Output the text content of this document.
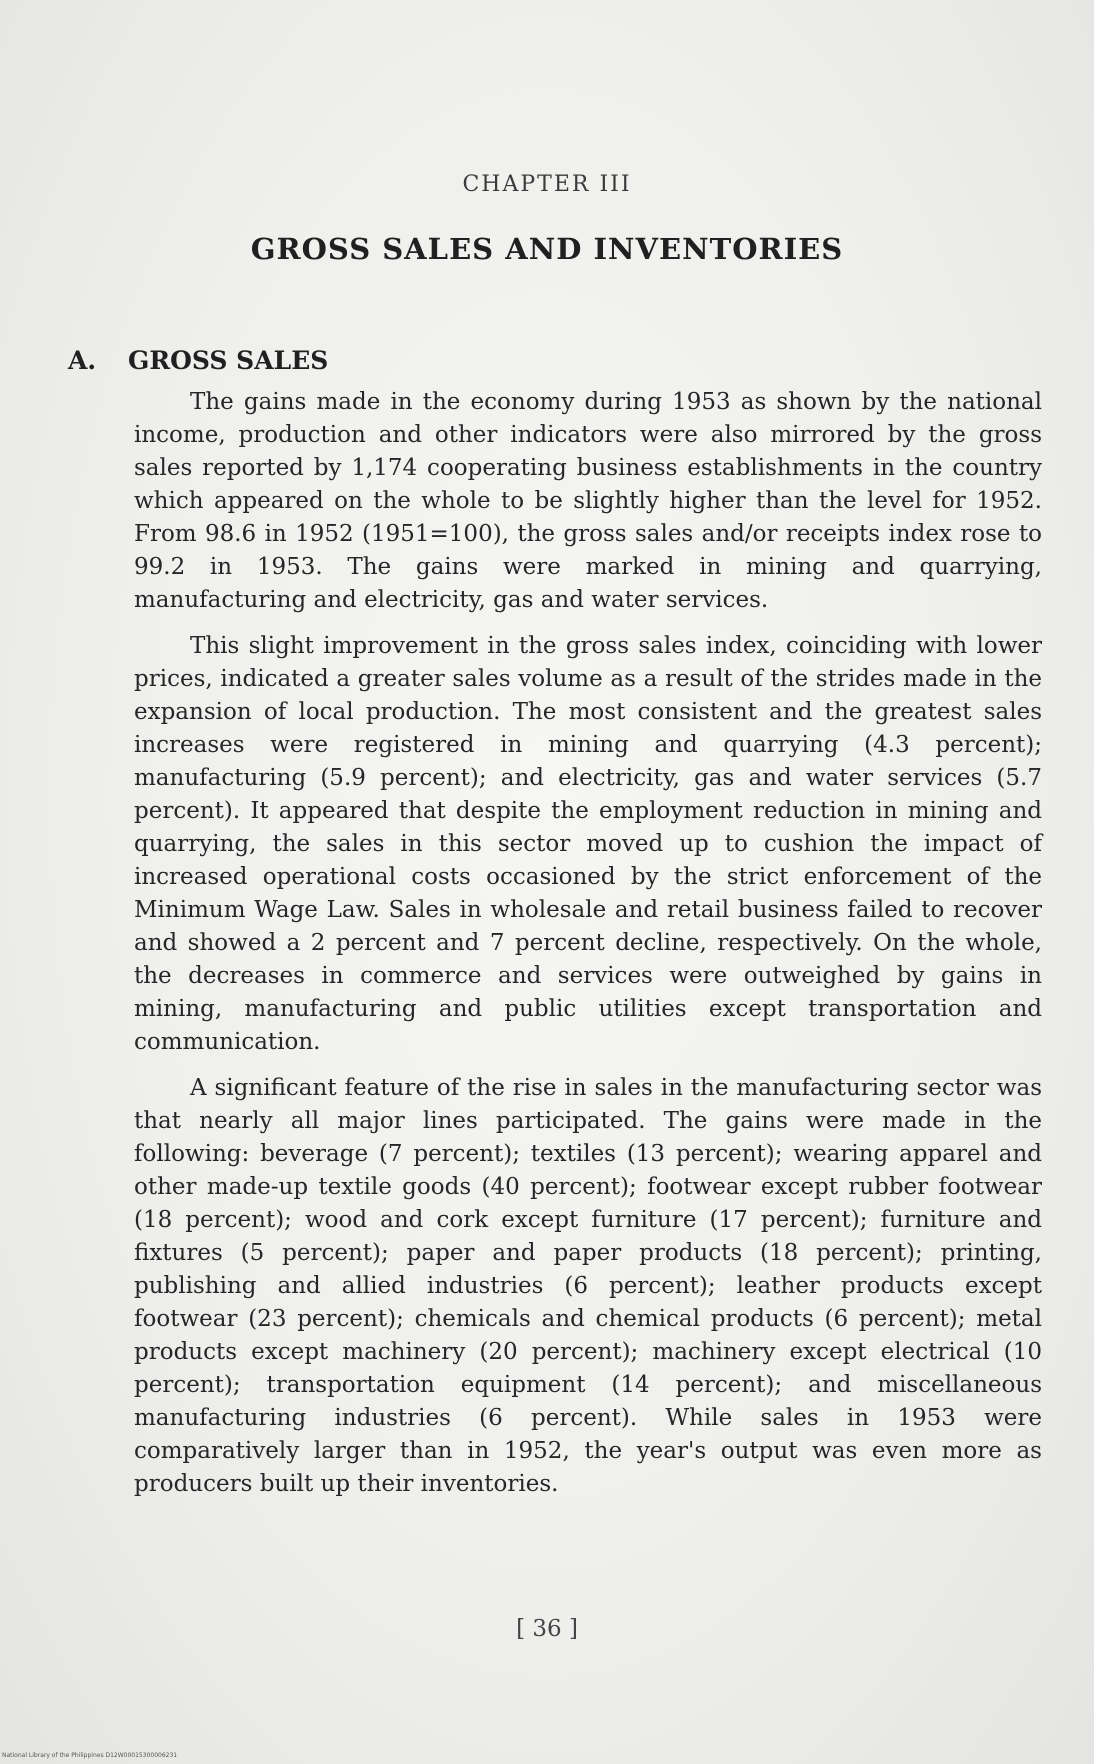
CHAPTER III
GROSS SALES AND INVENTORIES
A. GROSS SALES

The gains made in the economy during 1953 as shown by the national income, production and other indicators were also mirrored by the gross sales reported by 1,174 cooperating business establishments in the country which appeared on the whole to be slightly higher than the level for 1952. From 98.6 in 1952 (1951=100), the gross sales and/or receipts index rose to 99.2 in 1953. The gains were marked in mining and quarrying, manufacturing and electricity, gas and water services.

This slight improvement in the gross sales index, coinciding with lower prices, indicated a greater sales volume as a result of the strides made in the expansion of local production. The most consistent and the greatest sales increases were registered in mining and quarrying (4.3 percent); manufacturing (5.9 percent); and electricity, gas and water services (5.7 percent). It appeared that despite the employment reduction in mining and quarrying, the sales in this sector moved up to cushion the impact of increased operational costs occasioned by the strict enforcement of the Minimum Wage Law. Sales in wholesale and retail business failed to recover and showed a 2 percent and 7 percent decline, respectively. On the whole, the decreases in commerce and services were outweighed by gains in mining, manufacturing and public utilities except transportation and communication.

A significant feature of the rise in sales in the manufacturing sector was that nearly all major lines participated. The gains were made in the following: beverage (7 percent); textiles (13 percent); wearing apparel and other made-up textile goods (40 percent); footwear except rubber footwear (18 percent); wood and cork except furniture (17 percent); furniture and fixtures (5 percent); paper and paper products (18 percent); printing, publishing and allied industries (6 percent); leather products except footwear (23 percent); chemicals and chemical products (6 percent); metal products except machinery (20 percent); machinery except electrical (10 percent); transportation equipment (14 percent); and miscellaneous manufacturing industries (6 percent). While sales in 1953 were comparatively larger than in 1952, the year's output was even more as producers built up their inventories.

[ 36 ]
National Library of the Philippines D12W00015300006231
